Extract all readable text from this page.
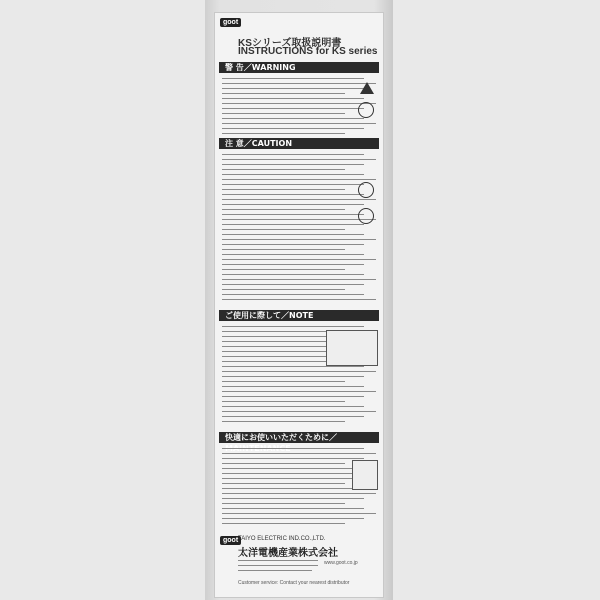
goot
KSシリーズ取扱説明書
INSTRUCTIONS for KS series
警 告／WARNING
注 意／CAUTION
ご使用に際して／NOTE
快適にお使いいただくために／
goot TAIYO ELECTRIC IND.CO.,LTD.
太洋電機産業株式会社
www.goot.co.jp
Customer service: Contact your nearest distributor
